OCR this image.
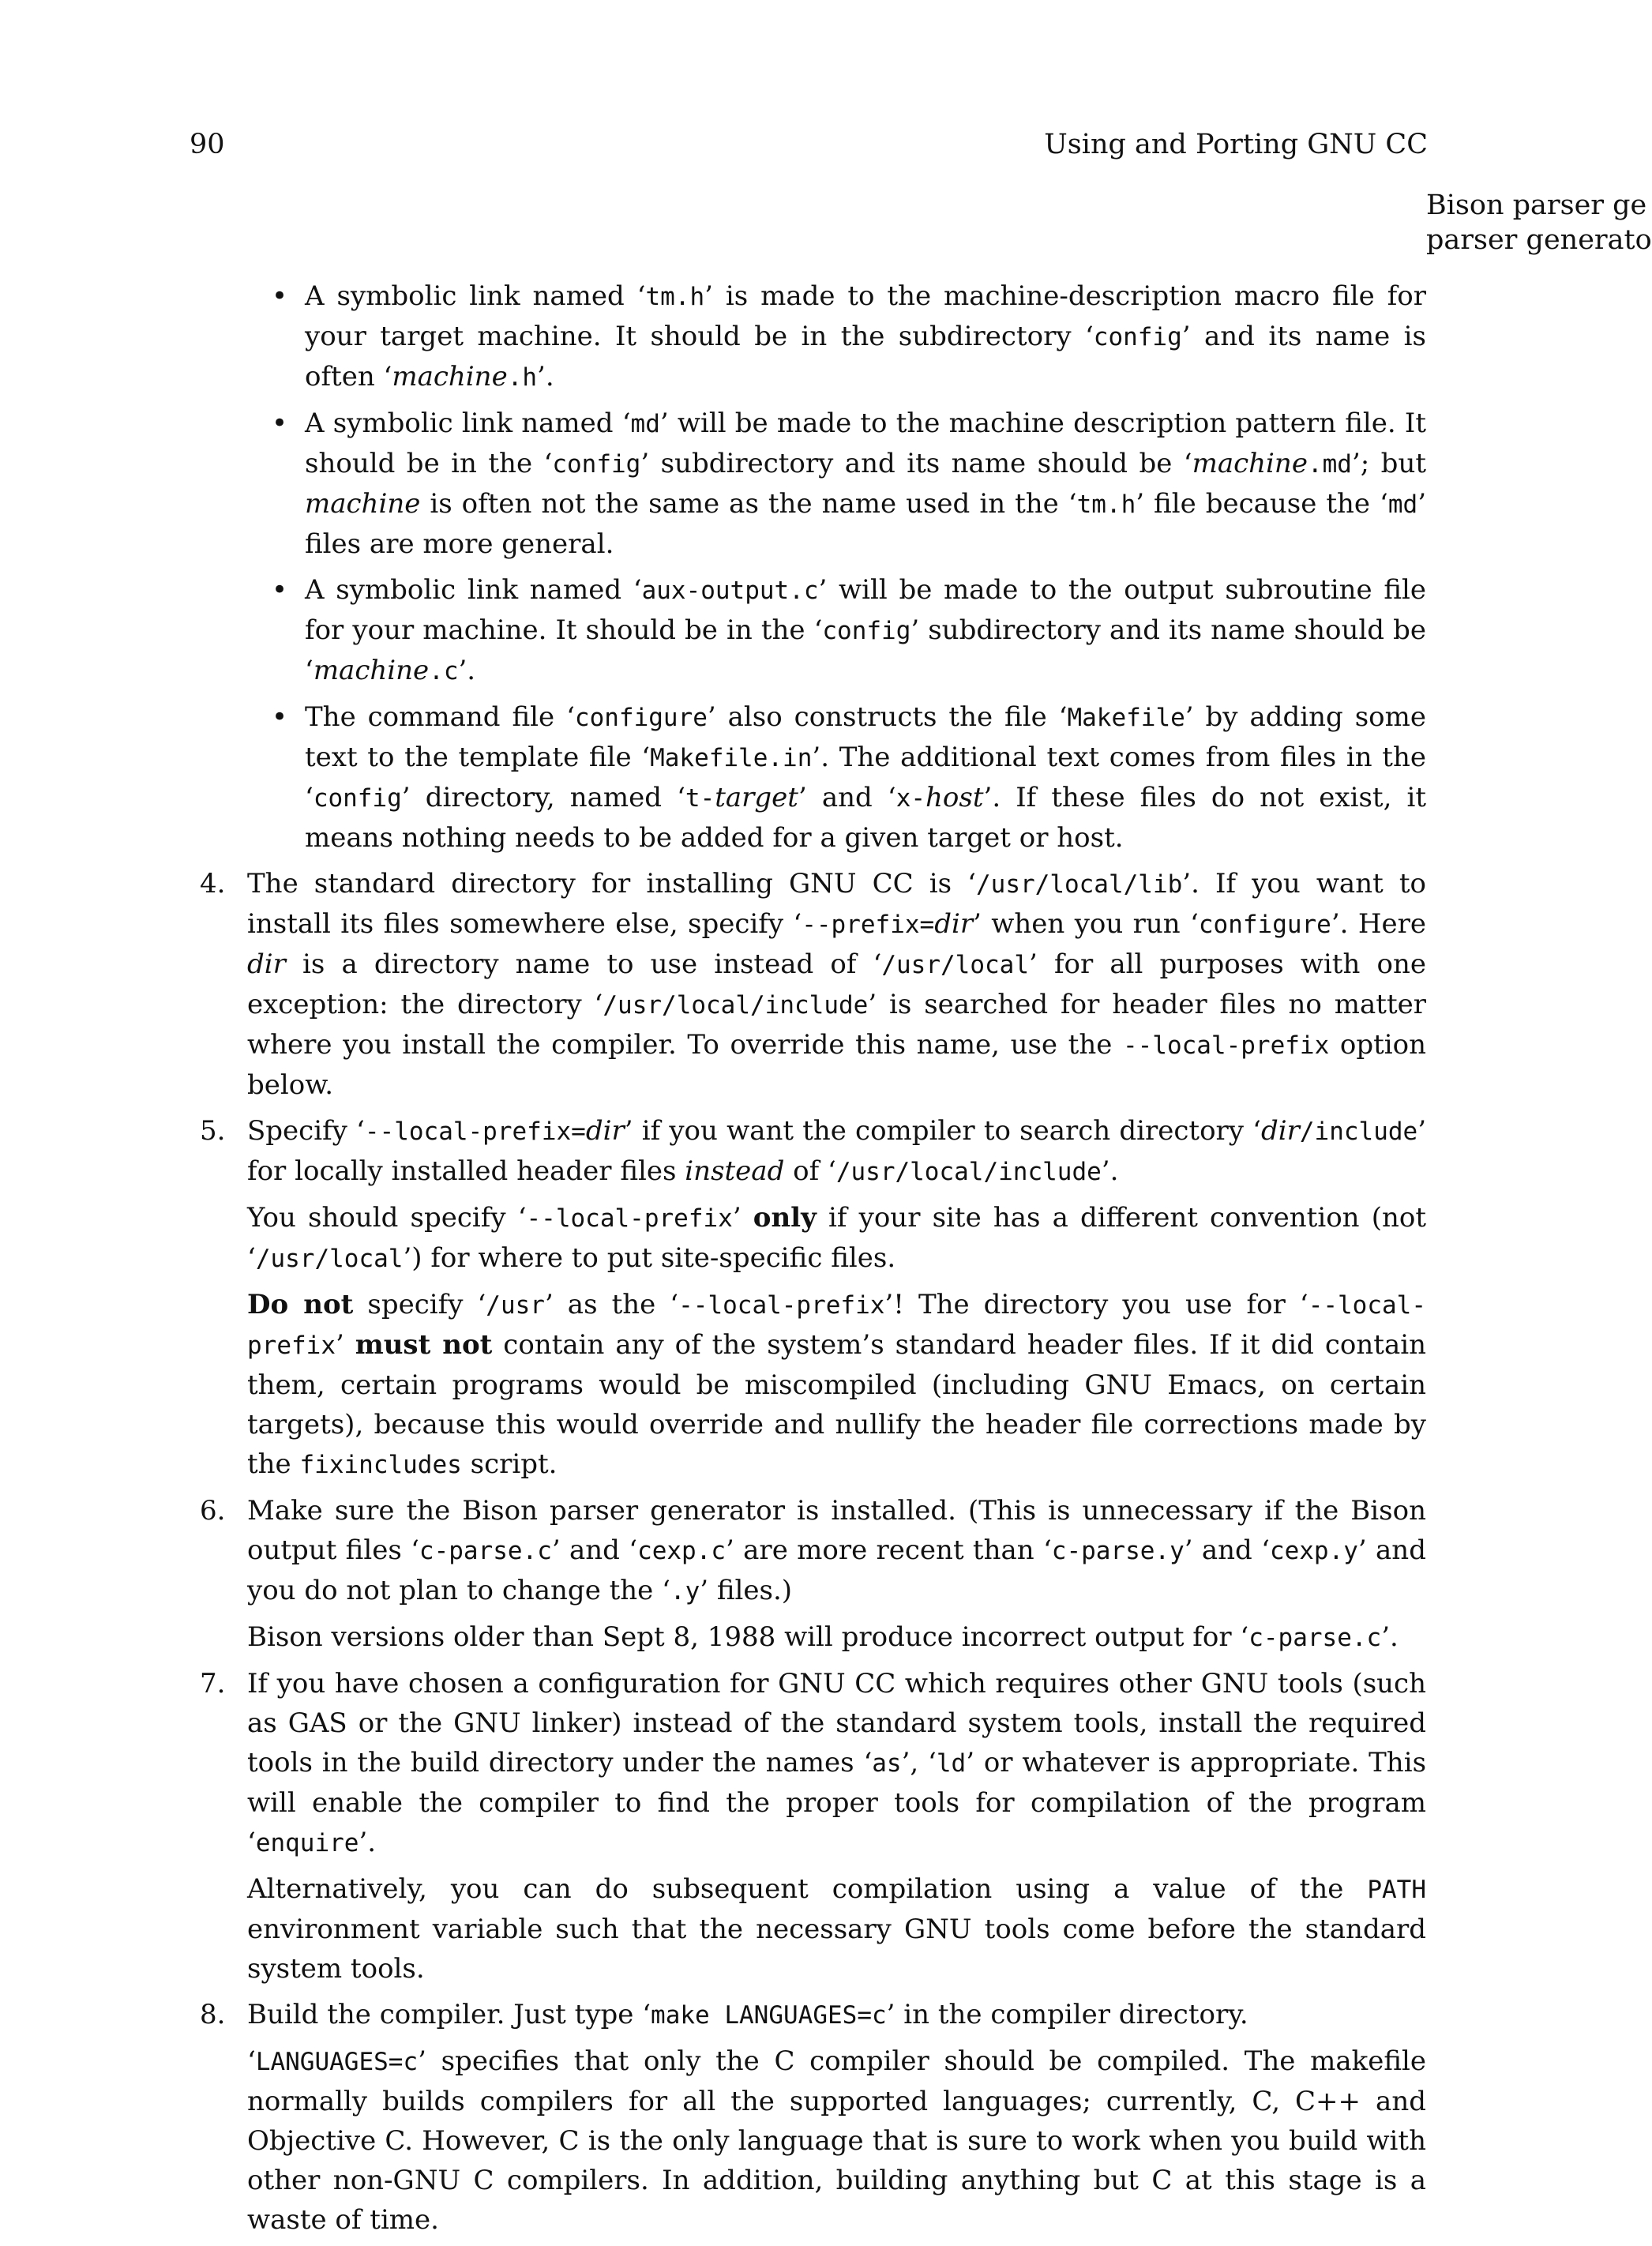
90	Using and Porting GNU CC
Bison parser ge
parser generato
• A symbolic link named ‘tm.h’ is made to the machine-description macro file for your target machine. It should be in the subdirectory ‘config’ and its name is often ‘machine.h’.
• A symbolic link named ‘md’ will be made to the machine description pattern file. It should be in the ‘config’ subdirectory and its name should be ‘machine.md’; but machine is often not the same as the name used in the ‘tm.h’ file because the ‘md’ files are more general.
• A symbolic link named ‘aux-output.c’ will be made to the output subroutine file for your machine. It should be in the ‘config’ subdirectory and its name should be ‘machine.c’.
• The command file ‘configure’ also constructs the file ‘Makefile’ by adding some text to the template file ‘Makefile.in’. The additional text comes from files in the ‘config’ directory, named ‘t-target’ and ‘x-host’. If these files do not exist, it means nothing needs to be added for a given target or host.
4. The standard directory for installing GNU CC is ‘/usr/local/lib’. If you want to install its files somewhere else, specify ‘--prefix=dir’ when you run ‘configure’. Here dir is a directory name to use instead of ‘/usr/local’ for all purposes with one exception: the directory ‘/usr/local/include’ is searched for header files no matter where you install the compiler. To override this name, use the --local-prefix option below.

5. Specify ‘--local-prefix=dir’ if you want the compiler to search directory ‘dir/include’ for locally installed header files instead of ‘/usr/local/include’.

You should specify ‘--local-prefix’ only if your site has a different convention (not ‘/usr/local’) for where to put site-specific files.

Do not specify ‘/usr’ as the ‘--local-prefix’! The directory you use for ‘--local-prefix’ must not contain any of the system’s standard header files. If it did contain them, certain programs would be miscompiled (including GNU Emacs, on certain targets), because this would override and nullify the header file corrections made by the fixincludes script.

6. Make sure the Bison parser generator is installed. (This is unnecessary if the Bison output files ‘c-parse.c’ and ‘cexp.c’ are more recent than ‘c-parse.y’ and ‘cexp.y’ and you do not plan to change the ‘.y’ files.)

Bison versions older than Sept 8, 1988 will produce incorrect output for ‘c-parse.c’.

7. If you have chosen a configuration for GNU CC which requires other GNU tools (such as GAS or the GNU linker) instead of the standard system tools, install the required tools in the build directory under the names ‘as’, ‘ld’ or whatever is appropriate. This will enable the compiler to find the proper tools for compilation of the program ‘enquire’.

Alternatively, you can do subsequent compilation using a value of the PATH environment variable such that the necessary GNU tools come before the standard system tools.

8. Build the compiler. Just type ‘make LANGUAGES=c’ in the compiler directory.

‘LANGUAGES=c’ specifies that only the C compiler should be compiled. The makefile normally builds compilers for all the supported languages; currently, C, C++ and Objective C. However, C is the only language that is sure to work when you build with other non-GNU C compilers. In addition, building anything but C at this stage is a waste of time.
